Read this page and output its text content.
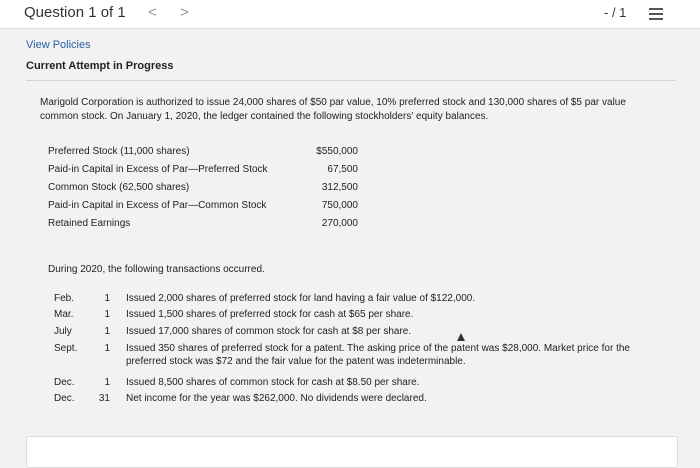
Question 1 of 1 < >	- / 1
View Policies
Current Attempt in Progress
Marigold Corporation is authorized to issue 24,000 shares of $50 par value, 10% preferred stock and 130,000 shares of $5 par value common stock. On January 1, 2020, the ledger contained the following stockholders' equity balances.
Preferred Stock (11,000 shares)	$550,000
Paid-in Capital in Excess of Par—Preferred Stock	67,500
Common Stock (62,500 shares)	312,500
Paid-in Capital in Excess of Par—Common Stock	750,000
Retained Earnings	270,000
During 2020, the following transactions occurred.
Feb.	1 Issued 2,000 shares of preferred stock for land having a fair value of $122,000.
Mar.	1 Issued 1,500 shares of preferred stock for cash at $65 per share.
July	1 Issued 17,000 shares of common stock for cash at $8 per share.
Sept.	1 Issued 350 shares of preferred stock for a patent. The asking price of the patent was $28,000. Market price for the preferred stock was $72 and the fair value for the patent was indeterminable.
Dec.	1 Issued 8,500 shares of common stock for cash at $8.50 per share.
Dec.	31 Net income for the year was $262,000. No dividends were declared.
